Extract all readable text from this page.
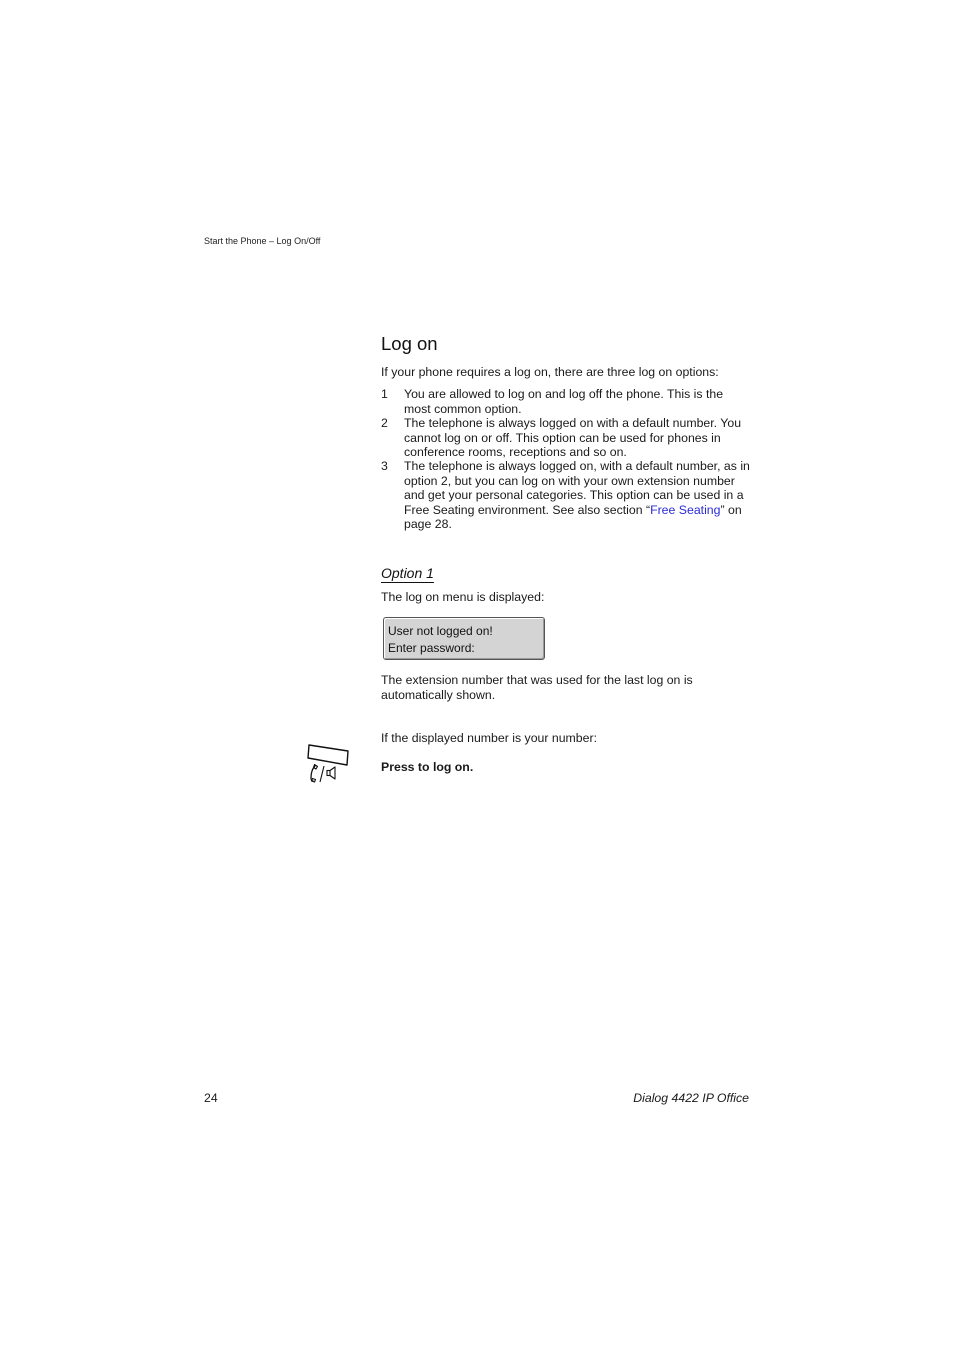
Start the Phone – Log On/Off
Log on
If your phone requires a log on, there are three log on options:
1 You are allowed to log on and log off the phone. This is the most common option.
2 The telephone is always logged on with a default number. You cannot log on or off. This option can be used for phones in conference rooms, receptions and so on.
3 The telephone is always logged on, with a default number, as in option 2, but you can log on with your own extension number and get your personal categories. This option can be used in a Free Seating environment. See also section “Free Seating” on page 28.
Option 1
The log on menu is displayed:
User not logged on!
Enter password:
The extension number that was used for the last log on is automatically shown.
If the displayed number is your number:
Press to log on.
24	Dialog 4422 IP Office
